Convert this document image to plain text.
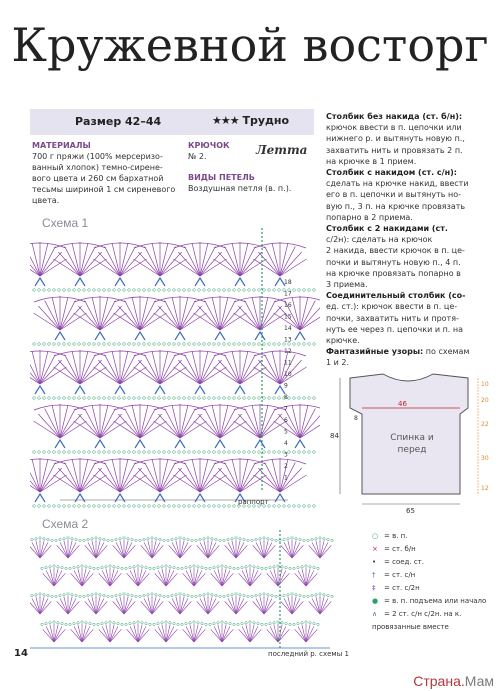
Кружевной восторг
Размер 42–44	★★★ Трудно
МАТЕРИАЛЫ
700 г пряжи (100% мерсеризо-
ванный хлопок) темно-сирене-
вого цвета и 260 см бархатной
тесьмы шириной 1 см сиреневого
цвета.
КРЮЧОК
№ 2.	Летта
ВИДЫ ПЕТЕЛЬ
Воздушная петля (в. п.).
Столбик без накида (ст. б/н): крючок ввести в п. цепочки или
нижнего р. и вытянуть новую п.,
захватить нить и провязать 2 п.
на крючке в 1 прием.
Столбик с накидом (ст. с/н): сделать на крючке накид, ввести
его в п. цепочки и вытянуть но-
вую п., 3 п. на крючке провязать
попарно в 2 приема.
Столбик с 2 накидами (ст.
с/2н): сделать на крючок
2 накида, ввести крючок в п. це-
почки и вытянуть новую п., 4 п.
на крючке провязать попарно в
3 приема.
Соединительный столбик (со-
ед. ст.): крючок ввести в п. це-
почки, захватить нить и протя-
нуть ее через п. цепочки и п. на
крючке.
Фантазийные узоры: по схемам
1 и 2.
Схема 1
18
17
16
15
14
13
12
11
10
9
8
7
6
5
4
3
2
1
раппорт
Схема 2
последний р. схемы 1
Спинка и
перед
46
65
84
8
10
20
22
30
12
○ = в. п.
× = ст. б/н
• = соед. ст.
† = ст. с/н
‡ = ст. с/2н
● = в. п. подъема или начало
∧ = 2 ст. с/н с/2н. на к. провязанные вместе
14
Страна.Мам
